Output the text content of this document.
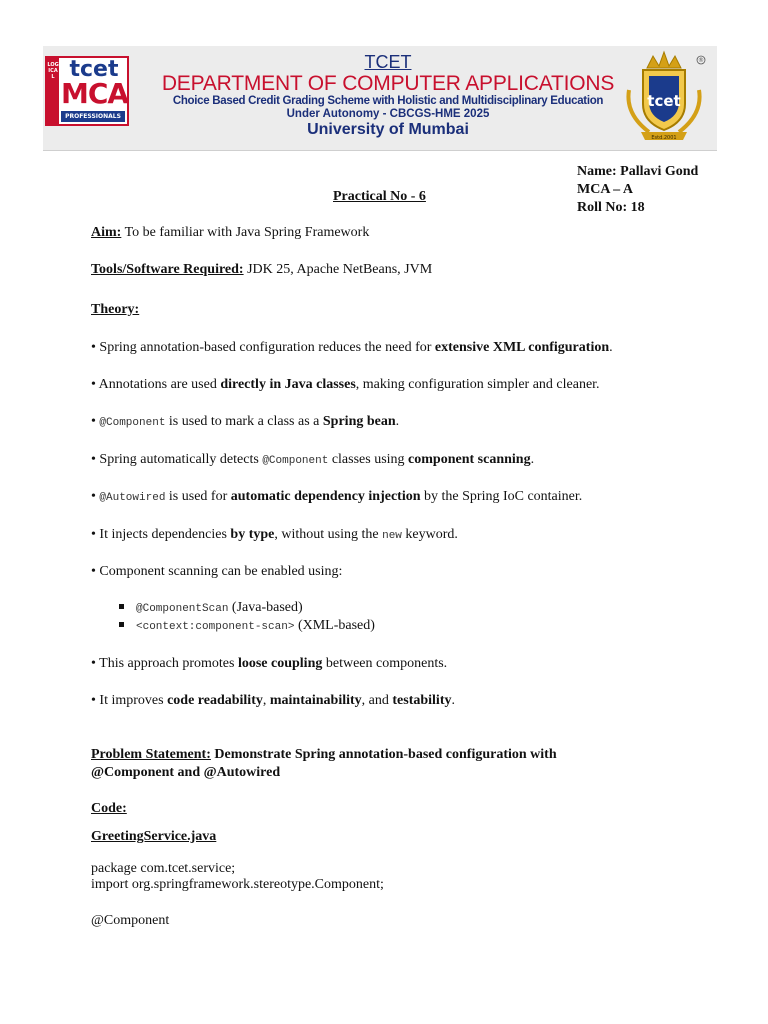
LOGICAL tcet
MCA
PROFESSIONALS
TCET
DEPARTMENT OF COMPUTER APPLICATIONS
Choice Based Credit Grading Scheme with Holistic and Multidisciplinary Education
Under Autonomy - CBCGS-HME 2025
University of Mumbai
tcet
Estd.2001
®
Name: Pallavi Gond
MCA – A
Roll No: 18
Practical No - 6
Aim: To be familiar with Java Spring Framework
Tools/Software Required: JDK 25, Apache NetBeans, JVM
Theory:
• Spring annotation-based configuration reduces the need for extensive XML configuration.
• Annotations are used directly in Java classes, making configuration simpler and cleaner.
• @Component is used to mark a class as a Spring bean.
• Spring automatically detects @Component classes using component scanning.
• @Autowired is used for automatic dependency injection by the Spring IoC container.
• It injects dependencies by type, without using the new keyword.
• Component scanning can be enabled using:
@ComponentScan (Java-based)
<context:component-scan> (XML-based)
• This approach promotes loose coupling between components.
• It improves code readability, maintainability, and testability.
Problem Statement: Demonstrate Spring annotation-based configuration with
@Component and @Autowired
Code:
GreetingService.java
package com.tcet.service;
import org.springframework.stereotype.Component;
@Component
